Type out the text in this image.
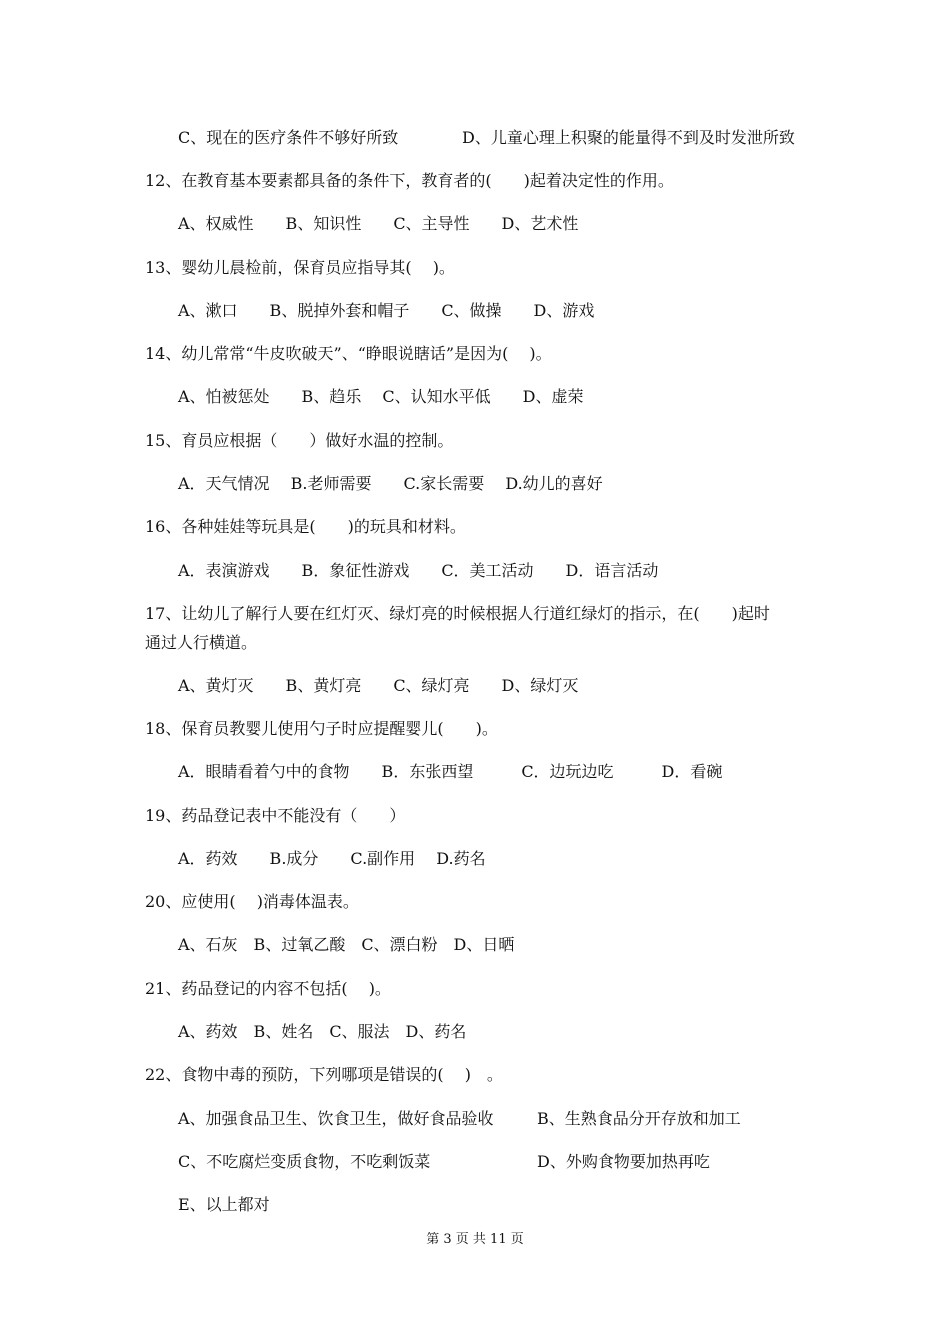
C、现在的医疗条件不够好所致	D、儿童心理上积聚的能量得不到及时发泄所致
12、在教育基本要素都具备的条件下，教育者的(　　)起着决定性的作用。
A、权威性　　B、知识性　　C、主导性　　D、艺术性
13、婴幼儿晨检前，保育员应指导其(　 )。
A、漱口　　B、脱掉外套和帽子　　C、做操　　D、游戏
14、幼儿常常“牛皮吹破天”、“睁眼说瞎话”是因为(　 )。
A、怕被惩处　　B、趋乐　 C、认知水平低　　D、虚荣
15、育员应根据（　　）做好水温的控制。
A．天气情况　 B.老师需要　　C.家长需要　 D.幼儿的喜好
16、各种娃娃等玩具是(　　)的玩具和材料。
A．表演游戏　　B．象征性游戏　　C．美工活动　　D．语言活动
17、让幼儿了解行人要在红灯灭、绿灯亮的时候根据人行道红绿灯的指示，在(　　)起时
通过人行横道。
A、黄灯灭　　B、黄灯亮　　C、绿灯亮　　D、绿灯灭
18、保育员教婴儿使用勺子时应提醒婴儿(　　)。
A．眼睛看着勺中的食物　　B．东张西望　　　C．边玩边吃　　　D．看碗
19、药品登记表中不能没有（　　）
A．药效　　B.成分　　C.副作用　 D.药名
20、应使用(　 )消毒体温表。
A、石灰　B、过氧乙酸　C、漂白粉　D、日晒
21、药品登记的内容不包括(　 )。
A、药效　B、姓名　C、服法　D、药名
22、食物中毒的预防，下列哪项是错误的(　 )　。
A、加强食品卫生、饮食卫生，做好食品验收	B、生熟食品分开存放和加工
C、不吃腐烂变质食物，不吃剩饭菜	D、外购食物要加热再吃
E、以上都对
第 3 页 共 11 页
